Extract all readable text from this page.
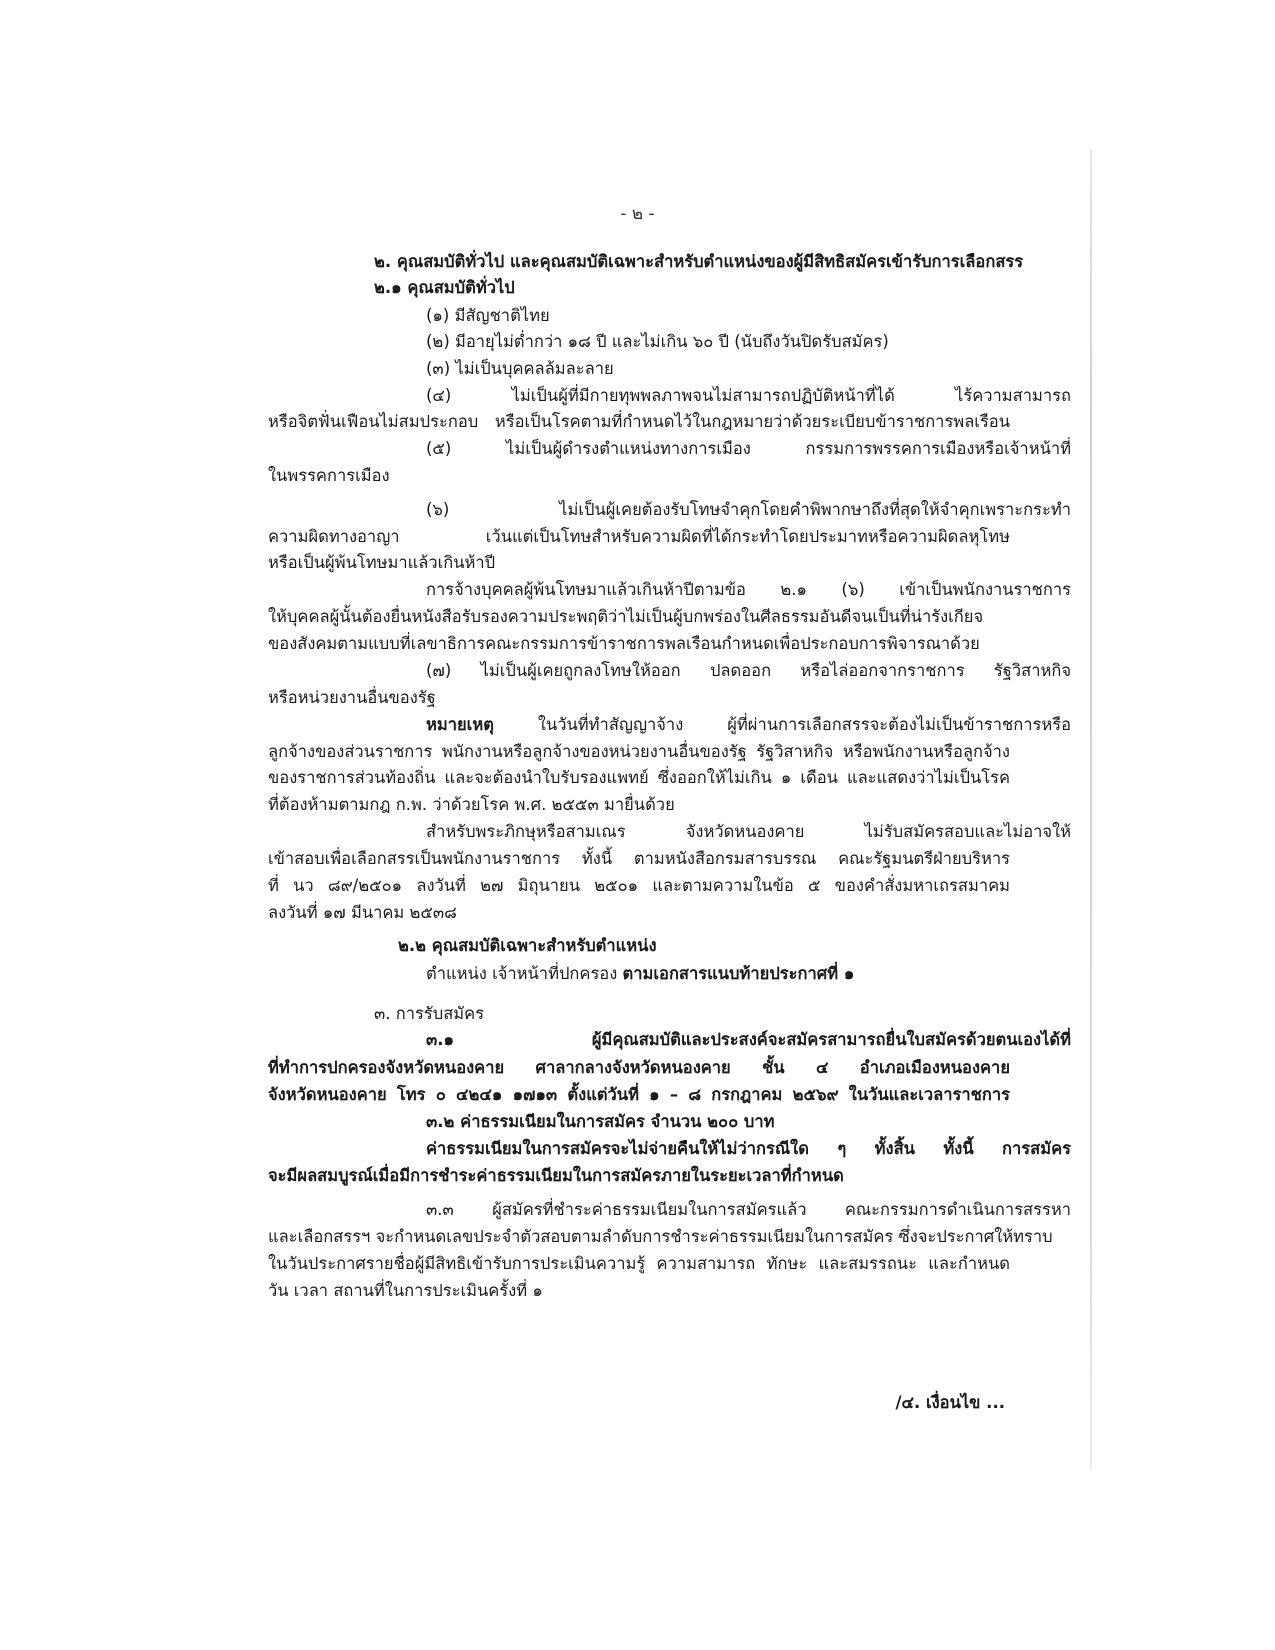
- ๒ -
๒. คุณสมบัติทั่วไป และคุณสมบัติเฉพาะสำหรับตำแหน่งของผู้มีสิทธิสมัครเข้ารับการเลือกสรร
๒.๑ คุณสมบัติทั่วไป
(๑) มีสัญชาติไทย
(๒) มีอายุไม่ต่ำกว่า ๑๘ ปี และไม่เกิน ๖๐ ปี (นับถึงวันปิดรับสมัคร)
(๓) ไม่เป็นบุคคลล้มละลาย
(๔) ไม่เป็นผู้ที่มีกายทุพพลภาพจนไม่สามารถปฏิบัติหน้าที่ได้ ไร้ความสามารถ
หรือจิตฟั่นเฟือนไม่สมประกอบ หรือเป็นโรคตามที่กำหนดไว้ในกฎหมายว่าด้วยระเบียบข้าราชการพลเรือน
(๕) ไม่เป็นผู้ดำรงตำแหน่งทางการเมือง กรรมการพรรคการเมืองหรือเจ้าหน้าที่
ในพรรคการเมือง
(๖) ไม่เป็นผู้เคยต้องรับโทษจำคุกโดยคำพิพากษาถึงที่สุดให้จำคุกเพราะกระทำ
ความผิดทางอาญา เว้นแต่เป็นโทษสำหรับความผิดที่ได้กระทำโดยประมาทหรือความผิดลหุโทษ
หรือเป็นผู้พ้นโทษมาแล้วเกินห้าปี
การจ้างบุคคลผู้พ้นโทษมาแล้วเกินห้าปีตามข้อ ๒.๑ (๖) เข้าเป็นพนักงานราชการ
ให้บุคคลผู้นั้นต้องยื่นหนังสือรับรองความประพฤติว่าไม่เป็นผู้บกพร่องในศีลธรรมอันดีจนเป็นที่น่ารังเกียจ
ของสังคมตามแบบที่เลขาธิการคณะกรรมการข้าราชการพลเรือนกำหนดเพื่อประกอบการพิจารณาด้วย
(๗) ไม่เป็นผู้เคยถูกลงโทษให้ออก ปลดออก หรือไล่ออกจากราชการ รัฐวิสาหกิจ
หรือหน่วยงานอื่นของรัฐ
หมายเหตุ ในวันที่ทำสัญญาจ้าง ผู้ที่ผ่านการเลือกสรรจะต้องไม่เป็นข้าราชการหรือ
ลูกจ้างของส่วนราชการ พนักงานหรือลูกจ้างของหน่วยงานอื่นของรัฐ รัฐวิสาหกิจ หรือพนักงานหรือลูกจ้าง
ของราชการส่วนท้องถิ่น และจะต้องนำใบรับรองแพทย์ ซึ่งออกให้ไม่เกิน ๑ เดือน และแสดงว่าไม่เป็นโรค
ที่ต้องห้ามตามกฎ ก.พ. ว่าด้วยโรค พ.ศ. ๒๕๕๓ มายื่นด้วย
สำหรับพระภิกษุหรือสามเณร จังหวัดหนองคาย ไม่รับสมัครสอบและไม่อาจให้
เข้าสอบเพื่อเลือกสรรเป็นพนักงานราชการ ทั้งนี้ ตามหนังสือกรมสารบรรณ คณะรัฐมนตรีฝ่ายบริหาร
ที่ นว ๘๙/๒๕๐๑ ลงวันที่ ๒๗ มิถุนายน ๒๕๐๑ และตามความในข้อ ๕ ของคำสั่งมหาเถรสมาคม
ลงวันที่ ๑๗ มีนาคม ๒๕๓๘
๒.๒ คุณสมบัติเฉพาะสำหรับตำแหน่ง
ตำแหน่ง เจ้าหน้าที่ปกครอง ตามเอกสารแนบท้ายประกาศที่ ๑
๓. การรับสมัคร
๓.๑ ผู้มีคุณสมบัติและประสงค์จะสมัครสามารถยื่นใบสมัครด้วยตนเองได้ที่
ที่ทำการปกครองจังหวัดหนองคาย ศาลากลางจังหวัดหนองคาย ชั้น ๔ อำเภอเมืองหนองคาย
จังหวัดหนองคาย โทร ๐ ๔๒๔๑ ๑๗๑๓ ตั้งแต่วันที่ ๑ – ๘ กรกฎาคม ๒๕๖๙ ในวันและเวลาราชการ
๓.๒ ค่าธรรมเนียมในการสมัคร จำนวน ๒๐๐ บาท
ค่าธรรมเนียมในการสมัครจะไม่จ่ายคืนให้ไม่ว่ากรณีใด ๆ ทั้งสิ้น ทั้งนี้ การสมัคร
จะมีผลสมบูรณ์เมื่อมีการชำระค่าธรรมเนียมในการสมัครภายในระยะเวลาที่กำหนด
๓.๓ ผู้สมัครที่ชำระค่าธรรมเนียมในการสมัครแล้ว คณะกรรมการดำเนินการสรรหา
และเลือกสรรฯ จะกำหนดเลขประจำตัวสอบตามลำดับการชำระค่าธรรมเนียมในการสมัคร ซึ่งจะประกาศให้ทราบ
ในวันประกาศรายชื่อผู้มีสิทธิเข้ารับการประเมินความรู้ ความสามารถ ทักษะ และสมรรถนะ และกำหนด
วัน เวลา สถานที่ในการประเมินครั้งที่ ๑
/๔. เงื่อนไข ...
